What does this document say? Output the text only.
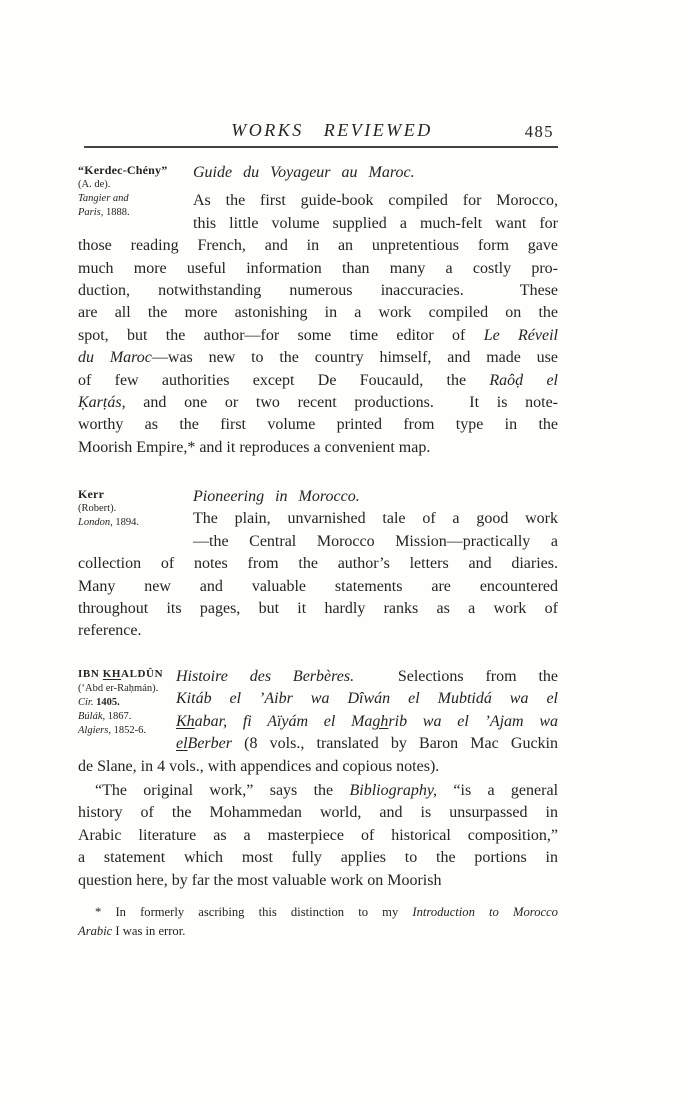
WORKS REVIEWED	485
“Kerdec-Chény”
(A. de).
Tangier and
Paris, 1888.
Guide du Voyageur au Maroc.
As the first guide-book compiled for Morocco,
this little volume supplied a much-felt want for
those reading French, and in an unpretentious form gave
much more useful information than many a costly pro-
duction, notwithstanding numerous inaccuracies.  These
are all the more astonishing in a work compiled on the
spot, but the author—for some time editor of Le Réveil
du Maroc—was new to the country himself, and made use
of few authorities except De Foucauld, the Raôḍ el
Ḳarṭás, and one or two recent productions.  It is note-
worthy as the first volume printed from type in the
Moorish Empire,* and it reproduces a convenient map.
Kerr
(Robert).
London, 1894.
Pioneering in Morocco.
The plain, unvarnished tale of a good work
—the Central Morocco Mission—practically a
collection of notes from the author’s letters and diaries.
Many new and valuable statements are encountered
throughout its pages, but it hardly ranks as a work of
reference.
IBN KHALDÛN
(‘Abd er-Raḥmán).
Cir. 1405.
Búlák, 1867.
Algiers, 1852-6.
Histoire des Berbères.  Selections from the
Kitáb el ’Aibr wa Dîwán el Mubtidá wa el
Khabar, fi Aïyám el Maghrib wa el ’Ajam wa
elBerber (8 vols., translated by Baron Mac Guckin
de Slane, in 4 vols., with appendices and copious notes).
“The original work,” says the Bibliography, “is a general
history of the Mohammedan world, and is unsurpassed in
Arabic literature as a masterpiece of historical composition,”
a statement which most fully applies to the portions in
question here, by far the most valuable work on Moorish
* In formerly ascribing this distinction to my Introduction to Morocco
Arabic I was in error.
